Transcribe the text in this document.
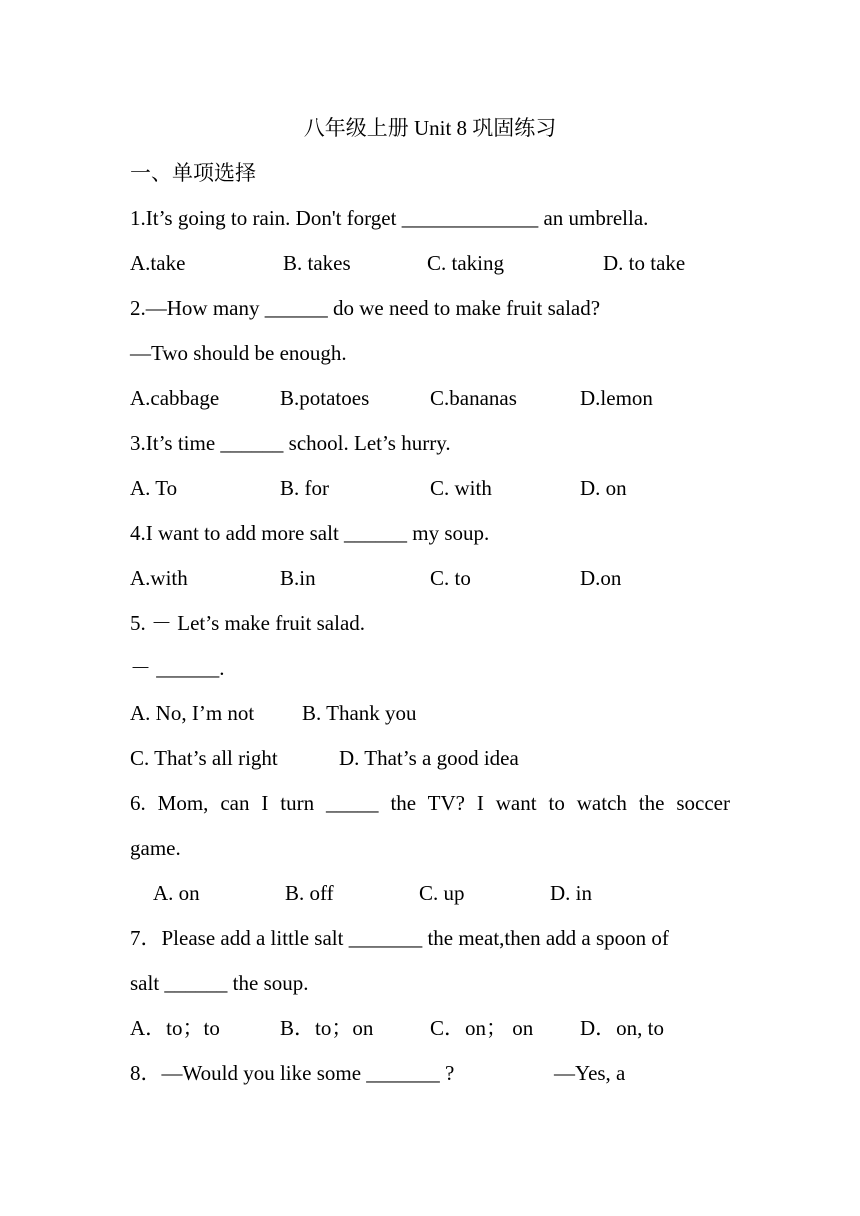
八年级上册 Unit 8 巩固练习
一、单项选择
1.It’s going to rain. Don't forget _____________ an umbrella.
A.take	B. takes	C. taking	D. to take
2.—How many ______ do we need to make fruit salad?
—Two should be enough.
A.cabbage	B.potatoes	C.bananas	D.lemon
3.It’s time ______ school. Let’s hurry.
A. To	B. for	C. with	D. on
4.I want to add more salt ______ my soup.
A.with	B.in	C. to	D.on
5. － Let’s make fruit salad.
－ ______.
A. No, I’m not B. Thank you
C. That’s all right	D. That’s a good idea
6. Mom, can I turn _____ the TV? I want to watch the soccer
game.
A. on	B. off	C. up	D. in
7．Please add a little salt _______ the meat,then add a spoon of
salt ______ the soup.
A．to；to	B．to；on	C．on； on D．on, to
8．—Would you like some _______ ?	—Yes, a
